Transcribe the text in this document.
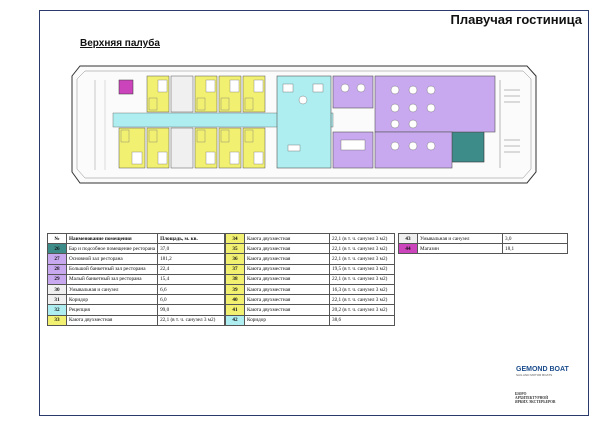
Плавучая гостиница
Верхняя палуба
№	Наименование помещения	Площадь, м. кв.
26	Бар и подсобное помещение ресторана	37,0
27	Основной зал ресторана	181,2
28	Большой банкетный зал ресторана	22,4
29	Малый банкетный зал ресторана	15,4
30	Умывальная и санузел	6,6
31	Коридор	6,0
32	Рецепция	99,0
33	Каюта двухместная	22,1 (в т. ч. санузел 3 м2)
34	Каюта двухместная	22,1 (в т. ч. санузел 3 м2)
35	Каюта двухместная	22,1 (в т. ч. санузел 3 м2)
36	Каюта двухместная	22,1 (в т. ч. санузел 3 м2)
37	Каюта двухместная	19,5 (в т. ч. санузел 3 м2)
38	Каюта двухместная	22,1 (в т. ч. санузел 3 м2)
39	Каюта двухместная	16,3 (в т. ч. санузел 3 м2)
40	Каюта двухместная	22,1 (в т. ч. санузел 3 м2)
41	Каюта двухместная	20,2 (в т. ч. санузел 3 м2)
42	Коридор	38,6
43	Умывальная и санузел	3,0
44	Магазин	18,1
GEMOND BOAT
SAIL AND MOTOR BOATS
БЮРО
АРХИТЕКТУРНОЙ
ЯРКИХ ЭКСТЕРЬЕРОВ
